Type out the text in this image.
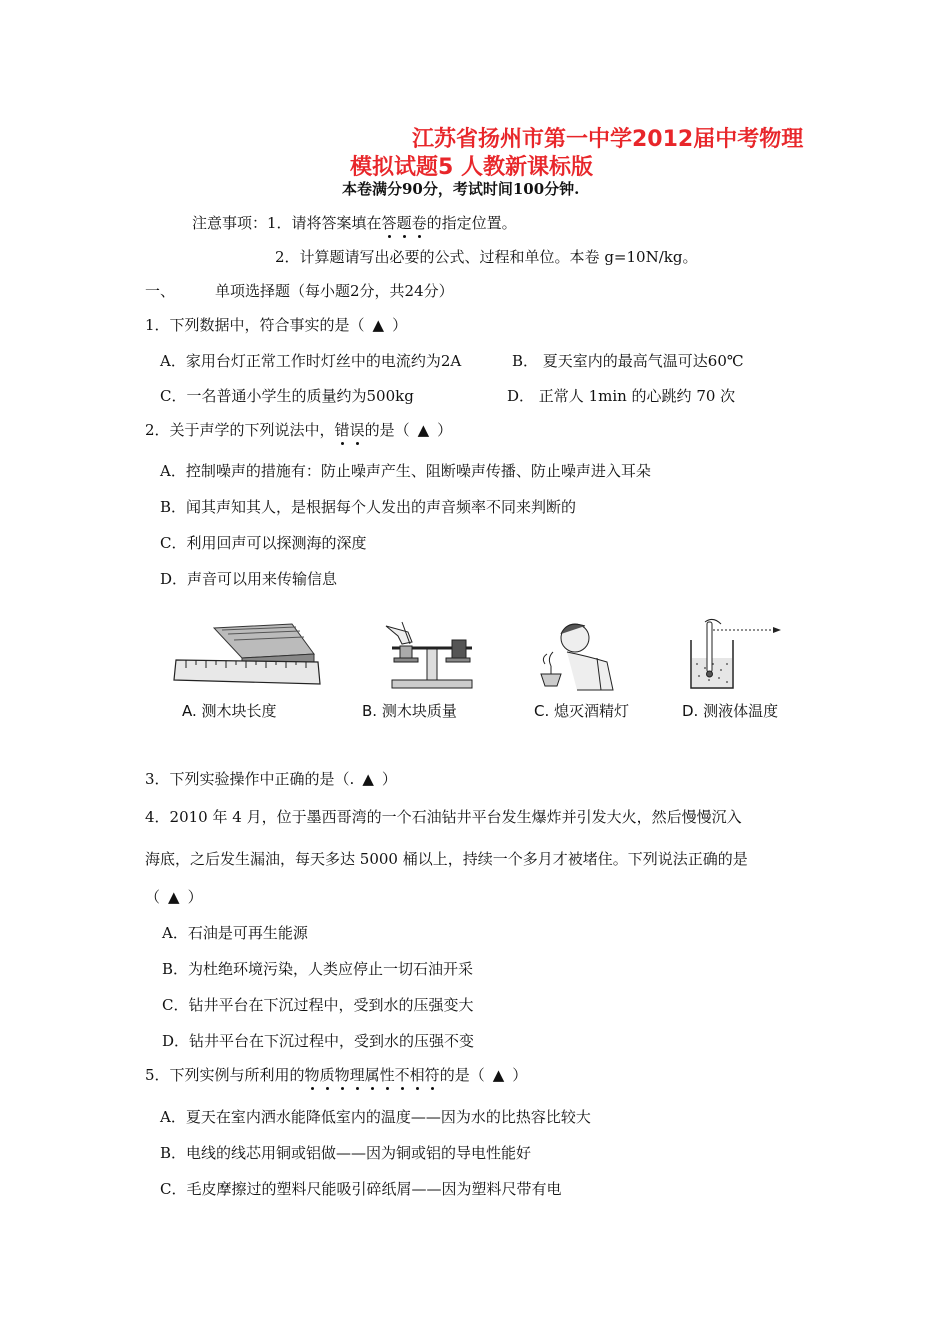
江苏省扬州市第一中学2012届中考物理
模拟试题5 人教新课标版
本卷满分90分，考试时间100分钟.
注意事项：1．请将答案填在答题卷的指定位置。
2．计算题请写出必要的公式、过程和单位。本卷 g=10N/kg。
一、	单项选择题（每小题2分，共24分）
1．下列数据中，符合事实的是（ ▲ ）
A．家用台灯正常工作时灯丝中的电流约为2A	B． 夏天室内的最高气温可达60℃
C．一名普通小学生的质量约为500kg	D． 正常人 1min 的心跳约 70 次
2．关于声学的下列说法中，错误的是（ ▲ ）
A．控制噪声的措施有：防止噪声产生、阻断噪声传播、防止噪声进入耳朵
B．闻其声知其人，是根据每个人发出的声音频率不同来判断的
C．利用回声可以探测海的深度
D．声音可以用来传输信息
A. 测木块长度	B. 测木块质量	C. 熄灭酒精灯	D. 测液体温度
3．下列实验操作中正确的是（. ▲ ）
4．2010 年 4 月，位于墨西哥湾的一个石油钻井平台发生爆炸并引发大火，然后慢慢沉入
海底，之后发生漏油，每天多达 5000 桶以上，持续一个多月才被堵住。下列说法正确的是
（ ▲ ）
A．石油是可再生能源
B．为杜绝环境污染，人类应停止一切石油开采
C．钻井平台在下沉过程中，受到水的压强变大
D．钻井平台在下沉过程中，受到水的压强不变
5．下列实例与所利用的物质物理属性不相符的是（ ▲ ）
A．夏天在室内洒水能降低室内的温度——因为水的比热容比较大
B．电线的线芯用铜或铝做——因为铜或铝的导电性能好
C．毛皮摩擦过的塑料尺能吸引碎纸屑——因为塑料尺带有电
